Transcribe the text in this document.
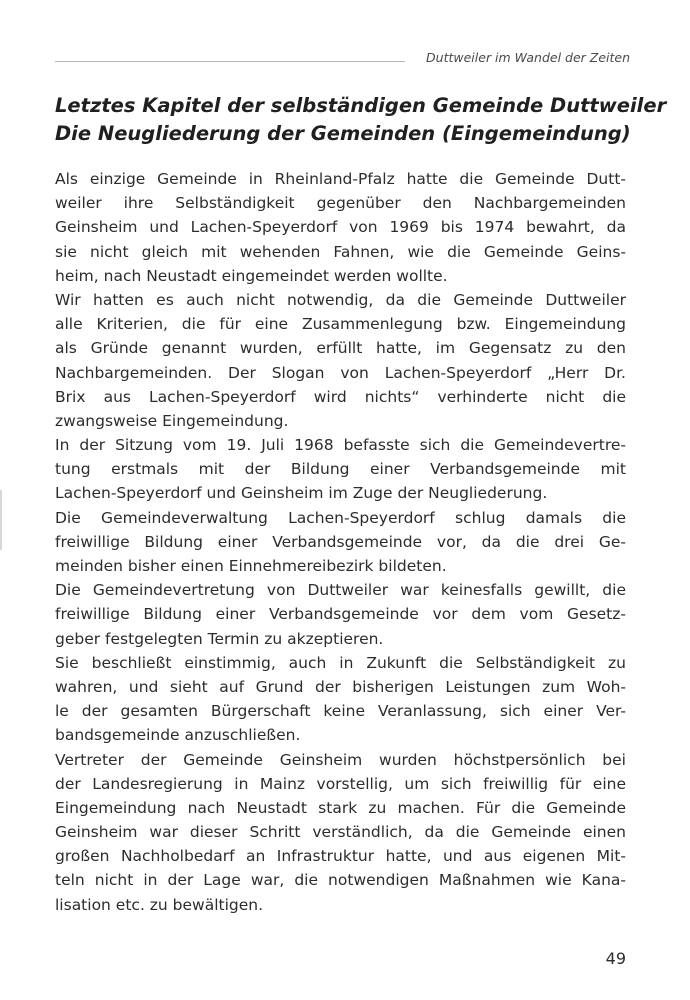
Duttweiler im Wandel der Zeiten
Letztes Kapitel der selbständigen Gemeinde Duttweiler
Die Neugliederung der Gemeinden (Eingemeindung)
Als einzige Gemeinde in Rheinland-Pfalz hatte die Gemeinde Dutt-
weiler ihre Selbständigkeit gegenüber den Nachbargemeinden
Geinsheim und Lachen-Speyerdorf von 1969 bis 1974 bewahrt, da
sie nicht gleich mit wehenden Fahnen, wie die Gemeinde Geins-
heim, nach Neustadt eingemeindet werden wollte.
Wir hatten es auch nicht notwendig, da die Gemeinde Duttweiler
alle Kriterien, die für eine Zusammenlegung bzw. Eingemeindung
als Gründe genannt wurden, erfüllt hatte, im Gegensatz zu den
Nachbargemeinden. Der Slogan von Lachen-Speyerdorf „Herr Dr.
Brix aus Lachen-Speyerdorf wird nichts“ verhinderte nicht die
zwangsweise Eingemeindung.
In der Sitzung vom 19. Juli 1968 befasste sich die Gemeindevertre-
tung erstmals mit der Bildung einer Verbandsgemeinde mit
Lachen-Speyerdorf und Geinsheim im Zuge der Neugliederung.
Die Gemeindeverwaltung Lachen-Speyerdorf schlug damals die
freiwillige Bildung einer Verbandsgemeinde vor, da die drei Ge-
meinden bisher einen Einnehmereibezirk bildeten.
Die Gemeindevertretung von Duttweiler war keinesfalls gewillt, die
freiwillige Bildung einer Verbandsgemeinde vor dem vom Gesetz-
geber festgelegten Termin zu akzeptieren.
Sie beschließt einstimmig, auch in Zukunft die Selbständigkeit zu
wahren, und sieht auf Grund der bisherigen Leistungen zum Woh-
le der gesamten Bürgerschaft keine Veranlassung, sich einer Ver-
bandsgemeinde anzuschließen.
Vertreter der Gemeinde Geinsheim wurden höchstpersönlich bei
der Landesregierung in Mainz vorstellig, um sich freiwillig für eine
Eingemeindung nach Neustadt stark zu machen. Für die Gemeinde
Geinsheim war dieser Schritt verständlich, da die Gemeinde einen
großen Nachholbedarf an Infrastruktur hatte, und aus eigenen Mit-
teln nicht in der Lage war, die notwendigen Maßnahmen wie Kana-
lisation etc. zu bewältigen.
49
